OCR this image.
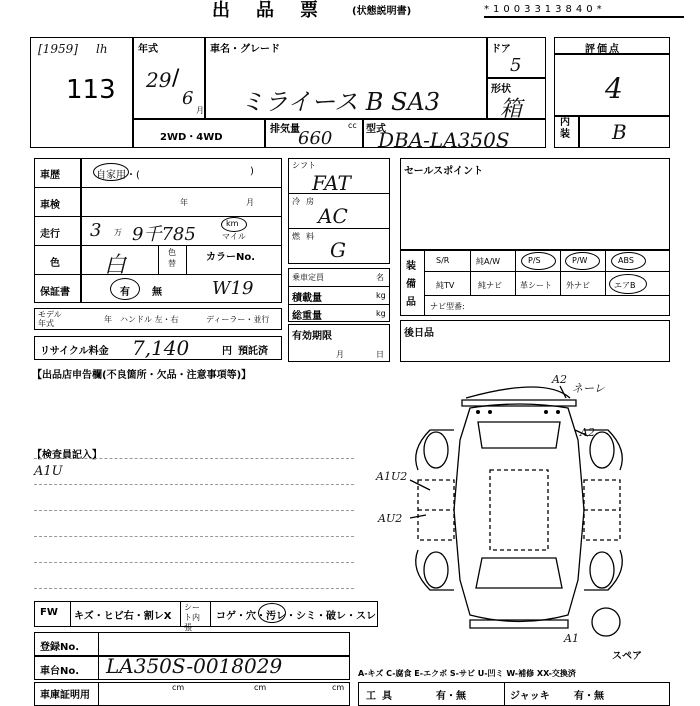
出品票 (状態説明書)	*1003313840*
[1959] lh
113
年式
29 /
6
月
車名・グレード
ミライース B SA3
ドア
5
形状
箱
2WD・4WD
排気量	cc
660	型式
DBA-LA350S
評価点
4
内装 B
車歴	自家用・(	)
車検	年	月
走行 3 万 9千785
km
マイル
色 白
色替
カラーNo.
保証書	有 無	W19
モデル年式	年 ハンドル 左・右	ディーラー・並行
リサイクル料金 7,140	円 預託済
シフト
FAT
冷房
AC
燃料
G
乗車定員	名
積載量	kg
総重量	kg
有効期限
月	日
セールスポイント
装備品
S/R	純A/W	P/S	P/W	ABS
純TV	純ナビ 革シート 外ナビ	エアB
ナビ型番:
後日品
【出品店申告欄(不良箇所・欠品・注意事項等)】
【検査員記入】
A1U
A2
ネーレ
A2
A1U2
AU2
A1
スペア
FW キズ・ヒビ右・割レX
シート内張
コゲ・穴・汚レ・シミ・破レ・スレ
登録No.
車台No. LA350S-0018029
車庫証明用
cm	cm	cm
A-キズ C-腐食 E-エクボ S-サビ U-凹ミ W-補修 XX-交換済
工具	有・無	ジャッキ 有・無
